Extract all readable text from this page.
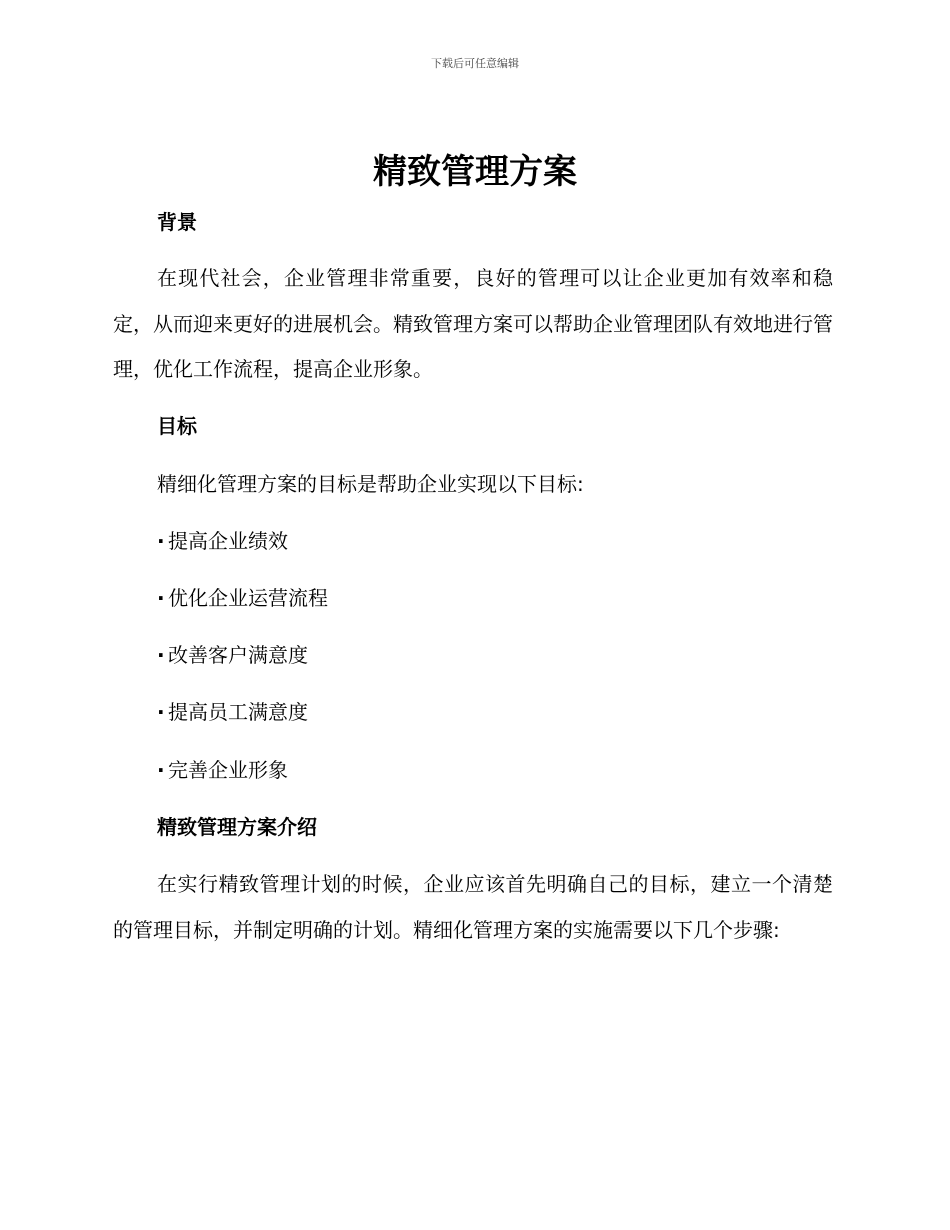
下载后可任意编辑
精致管理方案
背景

在现代社会，企业管理非常重要，良好的管理可以让企业更加有效率和稳定，从而迎来更好的进展机会。精致管理方案可以帮助企业管理团队有效地进行管理，优化工作流程，提高企业形象。

目标

精细化管理方案的目标是帮助企业实现以下目标:

· 提高企业绩效
· 优化企业运营流程
· 改善客户满意度
· 提高员工满意度
· 完善企业形象
精致管理方案介绍

在实行精致管理计划的时候，企业应该首先明确自己的目标，建立一个清楚的管理目标，并制定明确的计划。精细化管理方案的实施需要以下几个步骤:
